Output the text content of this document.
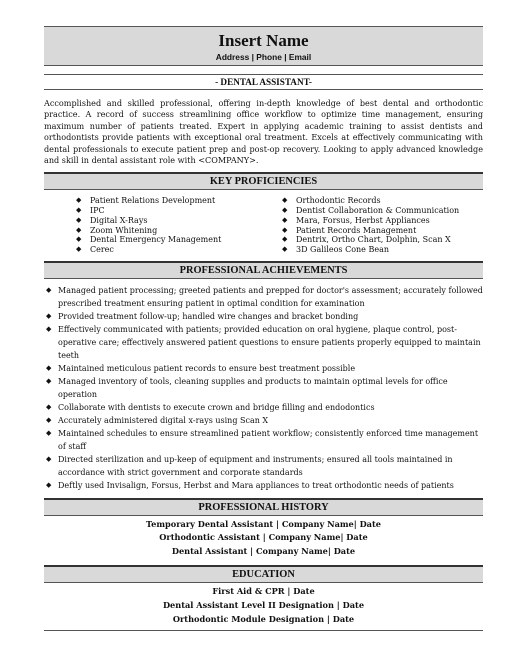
Insert Name
Address | Phone | Email
- DENTAL ASSISTANT-
Accomplished and skilled professional, offering in-depth knowledge of best dental and orthodontic practice. A record of success streamlining office workflow to optimize time management, ensuring maximum number of patients treated. Expert in applying academic training to assist dentists and orthodontists provide patients with exceptional oral treatment. Excels at effectively communicating with dental professionals to execute patient prep and post-op recovery. Looking to apply advanced knowledge and skill in dental assistant role with <COMPANY>.
KEY PROFICIENCIES
◆ Patient Relations Development
◆ IPC
◆ Digital X-Rays
◆ Zoom Whitening
◆ Dental Emergency Management
◆ Cerec
◆ Orthodontic Records
◆ Dentist Collaboration & Communication
◆ Mara, Forsus, Herbst Appliances
◆ Patient Records Management
◆ Dentrix, Ortho Chart, Dolphin, Scan X
◆ 3D Galileos Cone Bean
PROFESSIONAL ACHIEVEMENTS
◆ Managed patient processing; greeted patients and prepped for doctor's assessment; accurately followed prescribed treatment ensuring patient in optimal condition for examination
◆ Provided treatment follow-up; handled wire changes and bracket bonding
◆ Effectively communicated with patients; provided education on oral hygiene, plaque control, post-operative care; effectively answered patient questions to ensure patients properly equipped to maintain teeth
◆ Maintained meticulous patient records to ensure best treatment possible
◆ Managed inventory of tools, cleaning supplies and products to maintain optimal levels for office operation
◆ Collaborate with dentists to execute crown and bridge filling and endodontics
◆ Accurately administered digital x-rays using Scan X
◆ Maintained schedules to ensure streamlined patient workflow; consistently enforced time management of staff
◆ Directed sterilization and up-keep of equipment and instruments; ensured all tools maintained in accordance with strict government and corporate standards
◆ Deftly used Invisalign, Forsus, Herbst and Mara appliances to treat orthodontic needs of patients
PROFESSIONAL HISTORY
Temporary Dental Assistant | Company Name| Date
Orthodontic Assistant | Company Name| Date
Dental Assistant | Company Name| Date
EDUCATION
First Aid & CPR | Date
Dental Assistant Level II Designation | Date
Orthodontic Module Designation | Date
